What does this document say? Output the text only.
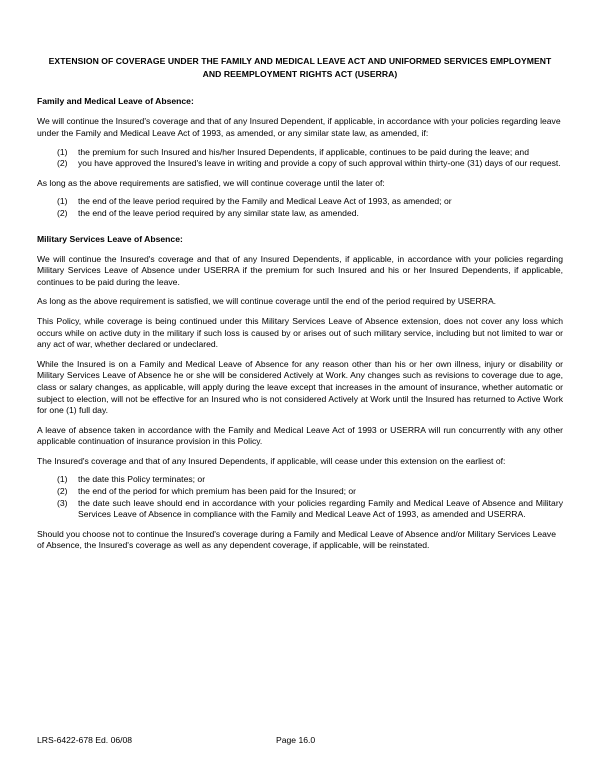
EXTENSION OF COVERAGE UNDER THE FAMILY AND MEDICAL LEAVE ACT AND UNIFORMED SERVICES EMPLOYMENT AND REEMPLOYMENT RIGHTS ACT (USERRA)
Family and Medical Leave of Absence:

We will continue the Insured's coverage and that of any Insured Dependent, if applicable, in accordance with your policies regarding leave under the Family and Medical Leave Act of 1993, as amended, or any similar state law, as amended, if:

(1)	the premium for such Insured and his/her Insured Dependents, if applicable, continues to be paid during the leave; and
(2)	you have approved the Insured's leave in writing and provide a copy of such approval within thirty-one (31) days of our request.

As long as the above requirements are satisfied, we will continue coverage until the later of:

(1)	the end of the leave period required by the Family and Medical Leave Act of 1993, as amended; or
(2)	the end of the leave period required by any similar state law, as amended.
Military Services Leave of Absence:

We will continue the Insured's coverage and that of any Insured Dependents, if applicable, in accordance with your policies regarding Military Services Leave of Absence under USERRA if the premium for such Insured and his or her Insured Dependents, if applicable, continues to be paid during the leave.

As long as the above requirement is satisfied, we will continue coverage until the end of the period required by USERRA.

This Policy, while coverage is being continued under this Military Services Leave of Absence extension, does not cover any loss which occurs while on active duty in the military if such loss is caused by or arises out of such military service, including but not limited to war or any act of war, whether declared or undeclared.

While the Insured is on a Family and Medical Leave of Absence for any reason other than his or her own illness, injury or disability or Military Services Leave of Absence he or she will be considered Actively at Work. Any changes such as revisions to coverage due to age, class or salary changes, as applicable, will apply during the leave except that increases in the amount of insurance, whether automatic or subject to election, will not be effective for an Insured who is not considered Actively at Work until the Insured has returned to Active Work for one (1) full day.

A leave of absence taken in accordance with the Family and Medical Leave Act of 1993 or USERRA will run concurrently with any other applicable continuation of insurance provision in this Policy.

The Insured's coverage and that of any Insured Dependents, if applicable, will cease under this extension on the earliest of:

(1)	the date this Policy terminates; or
(2)	the end of the period for which premium has been paid for the Insured; or
(3)	the date such leave should end in accordance with your policies regarding Family and Medical Leave of Absence and Military Services Leave of Absence in compliance with the Family and Medical Leave Act of 1993, as amended and USERRA.

Should you choose not to continue the Insured's coverage during a Family and Medical Leave of Absence and/or Military Services Leave of Absence, the Insured's coverage as well as any dependent coverage, if applicable, will be reinstated.

LRS-6422-678 Ed. 06/08	Page 16.0
